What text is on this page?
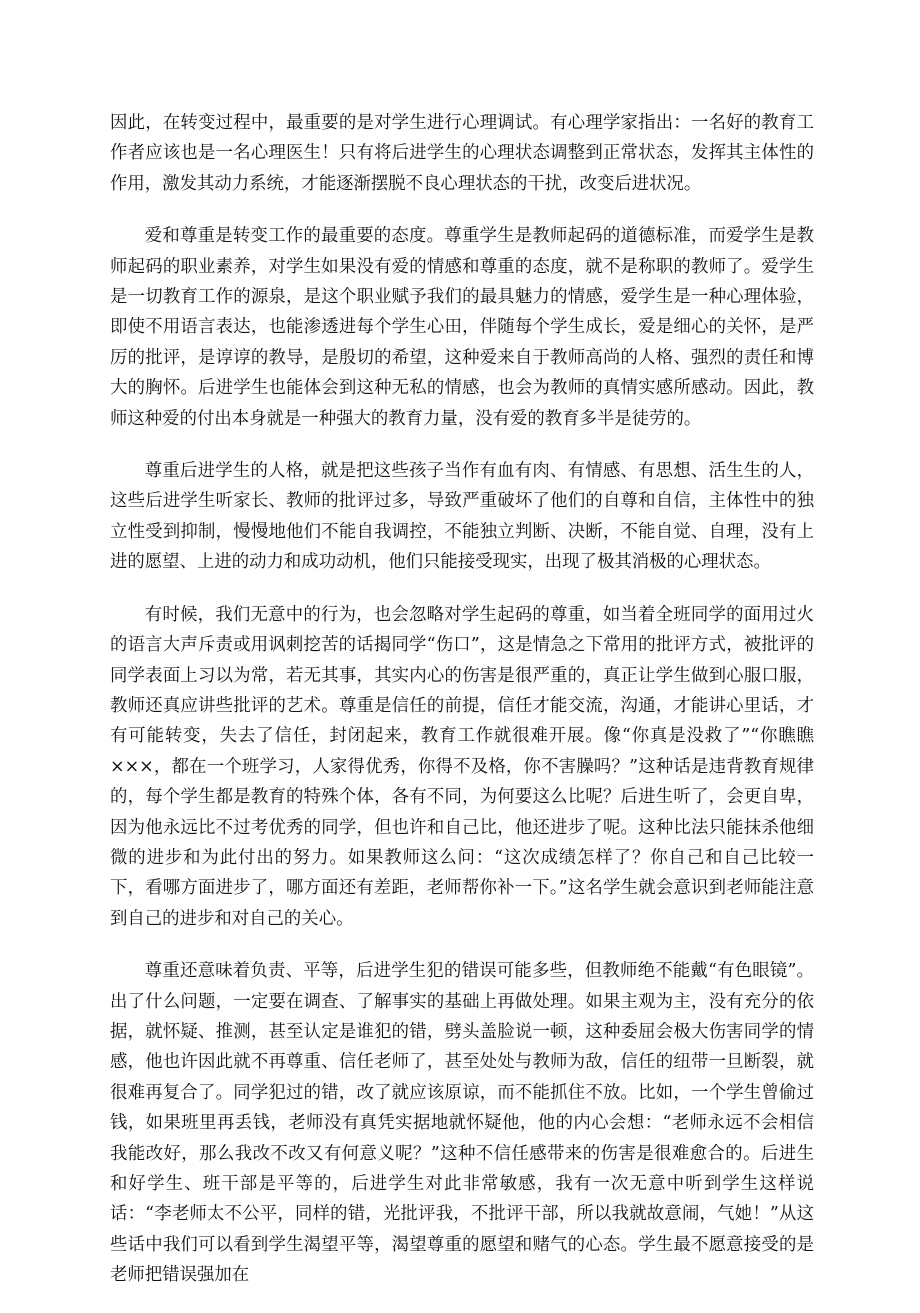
因此，在转变过程中，最重要的是对学生进行心理调试。有心理学家指出：一名好的教育工作者应该也是一名心理医生！只有将后进学生的心理状态调整到正常状态，发挥其主体性的作用，激发其动力系统，才能逐渐摆脱不良心理状态的干扰，改变后进状况。

爱和尊重是转变工作的最重要的态度。尊重学生是教师起码的道德标准，而爱学生是教师起码的职业素养，对学生如果没有爱的情感和尊重的态度，就不是称职的教师了。爱学生是一切教育工作的源泉，是这个职业赋予我们的最具魅力的情感，爱学生是一种心理体验，即使不用语言表达，也能渗透进每个学生心田，伴随每个学生成长，爱是细心的关怀，是严厉的批评，是谆谆的教导，是殷切的希望，这种爱来自于教师高尚的人格、强烈的责任和博大的胸怀。后进学生也能体会到这种无私的情感，也会为教师的真情实感所感动。因此，教师这种爱的付出本身就是一种强大的教育力量，没有爱的教育多半是徒劳的。

尊重后进学生的人格，就是把这些孩子当作有血有肉、有情感、有思想、活生生的人，这些后进学生听家长、教师的批评过多，导致严重破坏了他们的自尊和自信，主体性中的独立性受到抑制，慢慢地他们不能自我调控，不能独立判断、决断，不能自觉、自理，没有上进的愿望、上进的动力和成功动机，他们只能接受现实，出现了极其消极的心理状态。

有时候，我们无意中的行为，也会忽略对学生起码的尊重，如当着全班同学的面用过火的语言大声斥责或用讽刺挖苦的话揭同学“伤口”，这是情急之下常用的批评方式，被批评的同学表面上习以为常，若无其事，其实内心的伤害是很严重的，真正让学生做到心服口服，教师还真应讲些批评的艺术。尊重是信任的前提，信任才能交流，沟通，才能讲心里话，才有可能转变，失去了信任，封闭起来，教育工作就很难开展。像“你真是没救了”“你瞧瞧×××，都在一个班学习，人家得优秀，你得不及格，你不害臊吗？”这种话是违背教育规律的，每个学生都是教育的特殊个体，各有不同，为何要这么比呢？后进生听了，会更自卑，因为他永远比不过考优秀的同学，但也许和自己比，他还进步了呢。这种比法只能抹杀他细微的进步和为此付出的努力。如果教师这么问：“这次成绩怎样了？你自己和自己比较一下，看哪方面进步了，哪方面还有差距，老师帮你补一下。”这名学生就会意识到老师能注意到自己的进步和对自己的关心。

尊重还意味着负责、平等，后进学生犯的错误可能多些，但教师绝不能戴“有色眼镜”。出了什么问题，一定要在调查、了解事实的基础上再做处理。如果主观为主，没有充分的依据，就怀疑、推测，甚至认定是谁犯的错，劈头盖脸说一顿，这种委屈会极大伤害同学的情感，他也许因此就不再尊重、信任老师了，甚至处处与教师为敌，信任的纽带一旦断裂，就很难再复合了。同学犯过的错，改了就应该原谅，而不能抓住不放。比如，一个学生曾偷过钱，如果班里再丢钱，老师没有真凭实据地就怀疑他，他的内心会想：“老师永远不会相信我能改好，那么我改不改又有何意义呢？”这种不信任感带来的伤害是很难愈合的。后进生和好学生、班干部是平等的，后进学生对此非常敏感，我有一次无意中听到学生这样说话：“李老师太不公平，同样的错，光批评我，不批评干部，所以我就故意闹，气她！”从这些话中我们可以看到学生渴望平等，渴望尊重的愿望和赌气的心态。学生最不愿意接受的是老师把错误强加在
